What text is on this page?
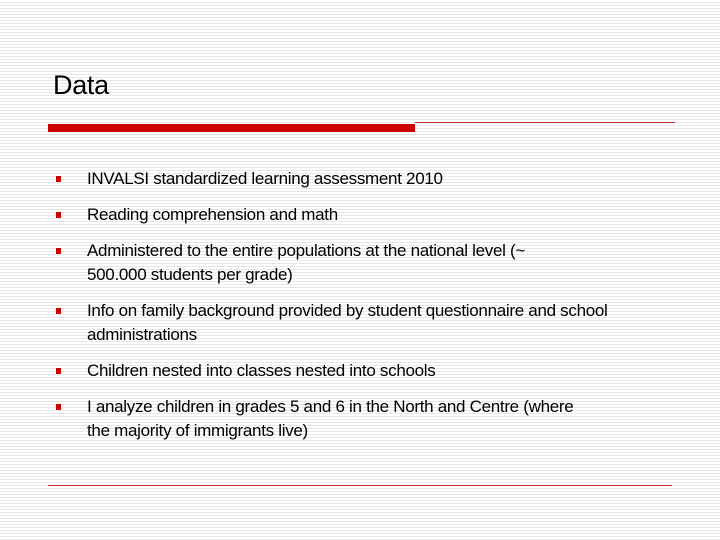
Data
INVALSI standardized learning assessment 2010
Reading comprehension and math
Administered to the entire populations at the national level (~ 500.000 students per grade)
Info on family background provided by student questionnaire and school administrations
Children nested into classes nested into schools
I analyze children in grades 5 and 6 in the North and Centre (where the majority of immigrants live)
